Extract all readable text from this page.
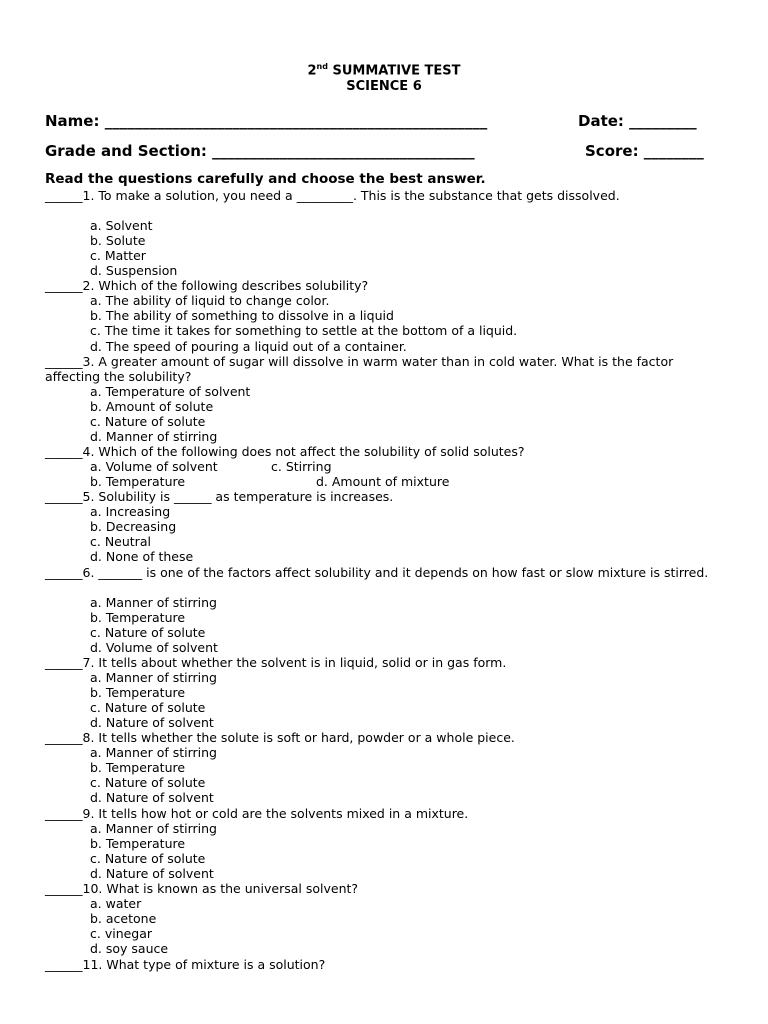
2nd SUMMATIVE TEST
SCIENCE 6
Name: ___________________________________________________	Date: _________
Grade and Section: ___________________________________	Score: ________
Read the questions carefully and choose the best answer.
______1. To make a solution, you need a _________. This is the substance that gets dissolved.
a. Solvent
b. Solute
c. Matter
d. Suspension
______2. Which of the following describes solubility?
a. The ability of liquid to change color.
b. The ability of something to dissolve in a liquid
c. The time it takes for something to settle at the bottom of a liquid.
d. The speed of pouring a liquid out of a container.
______3. A greater amount of sugar will dissolve in warm water than in cold water. What is the factor affecting the solubility?
a. Temperature of solvent
b. Amount of solute
c. Nature of solute
d. Manner of stirring
______4. Which of the following does not affect the solubility of solid solutes?
a. Volume of solvent	c. Stirring
b. Temperature	d. Amount of mixture
______5. Solubility is ______ as temperature is increases.
a. Increasing
b. Decreasing
c. Neutral
d. None of these
______6. _______ is one of the factors affect solubility and it depends on how fast or slow mixture is stirred.
a. Manner of stirring
b. Temperature
c. Nature of solute
d. Volume of solvent
______7. It tells about whether the solvent is in liquid, solid or in gas form.
a. Manner of stirring
b. Temperature
c. Nature of solute
d. Nature of solvent
______8. It tells whether the solute is soft or hard, powder or a whole piece.
a. Manner of stirring
b. Temperature
c. Nature of solute
d. Nature of solvent
______9. It tells how hot or cold are the solvents mixed in a mixture.
a. Manner of stirring
b. Temperature
c. Nature of solute
d. Nature of solvent
______10. What is known as the universal solvent?
a. water
b. acetone
c. vinegar
d. soy sauce
______11. What type of mixture is a solution?
